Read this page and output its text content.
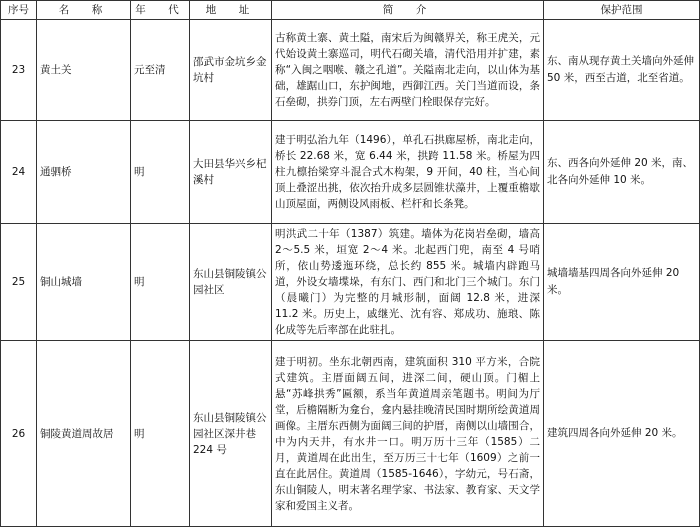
序号	名　称	年　代	地　址	简　介	保护范围
23	黄土关	元至清	邵武市金坑乡金坑村	古称黄土寨、黄土隘，南宋后为闽赣界关，称王虎关，元代始设黄土寨巡司，明代石砌关墙，清代沿用并扩建，素称“入闽之咽喉、赣之孔道”。关隘南北走向，以山体为基础，雄踞山口，东护闽地，西御江西。关门当道而设，条石垒砌，拱券门顶，左右两壁门栓眼保存完好。	东、南从现存黄土关墙向外延伸 50 米，西至古道，北至省道。
24	通驷桥	明	大田县华兴乡杞溪村	建于明弘治九年（1496），单孔石拱廊屋桥，南北走向，桥长 22.68 米，宽 6.44 米，拱跨 11.58 米。桥屋为四柱九檩抬梁穿斗混合式木构架，9 开间，40 柱，当心间顶上叠涩出挑，依次抬升成多层圆锥状藻井，上覆重檐歇山顶屋面，两侧设风雨板、栏杆和长条凳。	东、西各向外延伸 20 米，南、北各向外延伸 10 米。
25	铜山城墙	明	东山县铜陵镇公园社区	明洪武二十年（1387）筑建。墙体为花岗岩垒砌，墙高 2～5.5 米，垣宽 2～4 米。北起西门兜，南至 4 号哨所，依山势逶迤环绕，总长约 855 米。城墙内辟跑马道，外设女墙堞垛，有东门、西门和北门三个城门。东门（晨曦门）为完整的月城形制，面阔 12.8 米，进深 11.2 米。历史上，戚继光、沈有容、郑成功、施琅、陈化成等先后率部在此驻扎。	城墙墙基四周各向外延伸 20 米。
26	铜陵黄道周故居	明	东山县铜陵镇公园社区深井巷 224 号	建于明初。坐东北朝西南，建筑面积 310 平方米，合院式建筑。主厝面阔五间，进深二间，硬山顶。门楣上悬“苏峰拱秀”匾额，系当年黄道周亲笔题书。明间为厅堂，后檐隔断为龛台，龛内悬挂晚清民国时期所绘黄道周画像。主厝东西侧为面阔三间的护厝，南侧以山墙围合，中为内天井，有水井一口。明万历十三年（1585）二月，黄道周在此出生，至万历三十七年（1609）之前一直在此居住。黄道周（1585-1646），字幼元，号石斋，东山铜陵人，明末著名理学家、书法家、教育家、天文学家和爱国主义者。	建筑四周各向外延伸 20 米。
